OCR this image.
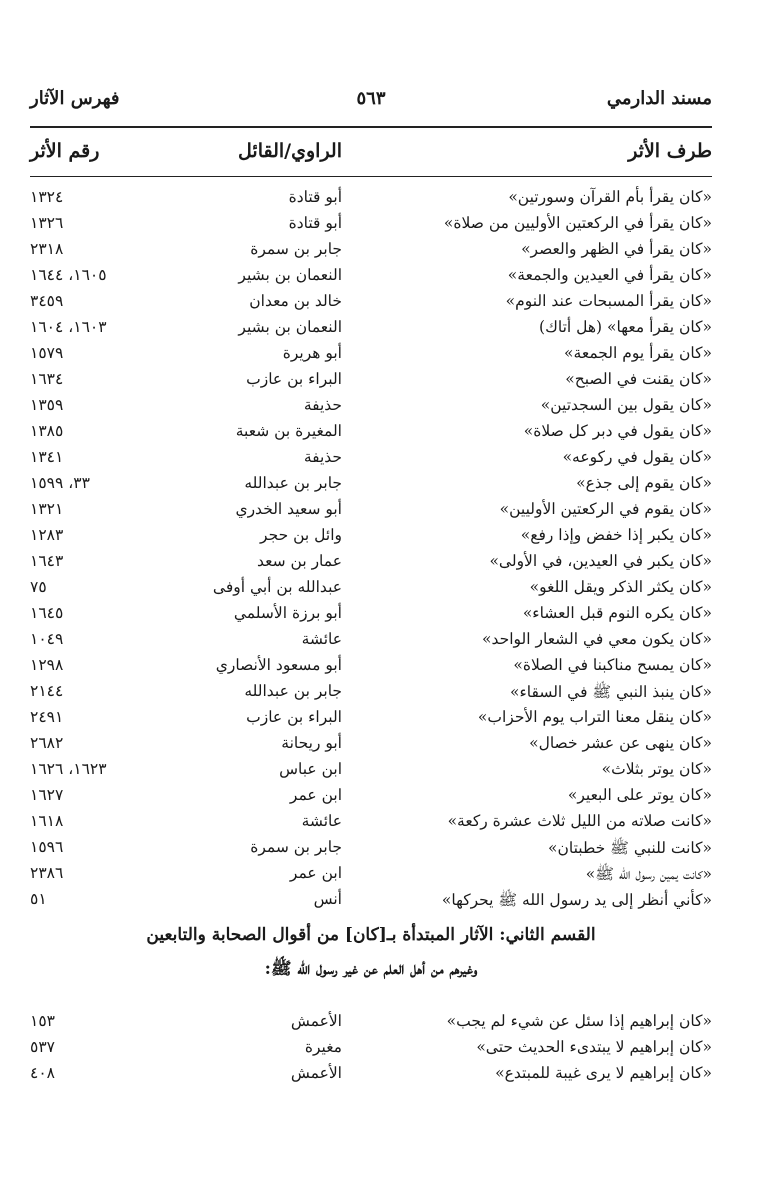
مسند الدارمي
٥٦٣
فهرس الآثار
طرف الأثر
الراوي/القائل
رقم الأثر
«كان يقرأ بأم القرآن وسورتين»
أبو قتادة
١٣٢٤
«كان يقرأ في الركعتين الأوليين من صلاة»
أبو قتادة
١٣٢٦
«كان يقرأ في الظهر والعصر»
جابر بن سمرة
٢٣١٨
«كان يقرأ في العيدين والجمعة»
النعمان بن بشير
١٦٠٥، ١٦٤٤
«كان يقرأ المسبحات عند النوم»
خالد بن معدان
٣٤٥٩
«كان يقرأ معها» (هل أتاك)
النعمان بن بشير
١٦٠٣، ١٦٠٤
«كان يقرأ يوم الجمعة»
أبو هريرة
١٥٧٩
«كان يقنت في الصبح»
البراء بن عازب
١٦٣٤
«كان يقول بين السجدتين»
حذيفة
١٣٥٩
«كان يقول في دبر كل صلاة»
المغيرة بن شعبة
١٣٨٥
«كان يقول في ركوعه»
حذيفة
١٣٤١
«كان يقوم إلى جذع»
جابر بن عبدالله
٣٣، ١٥٩٩
«كان يقوم في الركعتين الأوليين»
أبو سعيد الخدري
١٣٢١
«كان يكبر إذا خفض وإذا رفع»
وائل بن حجر
١٢٨٣
«كان يكبر في العيدين، في الأولى»
عمار بن سعد
١٦٤٣
«كان يكثر الذكر ويقل اللغو»
عبدالله بن أبي أوفى
٧٥
«كان يكره النوم قبل العشاء»
أبو برزة الأسلمي
١٦٤٥
«كان يكون معي في الشعار الواحد»
عائشة
١٠٤٩
«كان يمسح مناكبنا في الصلاة»
أبو مسعود الأنصاري
١٢٩٨
«كان ينبذ النبي ﷺ في السقاء»
جابر بن عبدالله
٢١٤٤
«كان ينقل معنا التراب يوم الأحزاب»
البراء بن عازب
٢٤٩١
«كان ينهى عن عشر خصال»
أبو ريحانة
٢٦٨٢
«كان يوتر بثلاث»
ابن عباس
١٦٢٣، ١٦٢٦
«كان يوتر على البعير»
ابن عمر
١٦٢٧
«كانت صلاته من الليل ثلاث عشرة ركعة»
عائشة
١٦١٨
«كانت للنبي ﷺ خطبتان»
جابر بن سمرة
١٥٩٦
«كانت يمين رسول الله ﷺ»
ابن عمر
٢٣٨٦
«كأني أنظر إلى يد رسول الله ﷺ يحركها»
أنس
٥١
القسم الثاني: الآثار المبتدأة بـ[كان] من أقوال الصحابة والتابعين
وغيرهم من أهل العلم عن غير رسول الله ﷺ:
«كان إبراهيم إذا سئل عن شيء لم يجب»
الأعمش
١٥٣
«كان إبراهيم لا يبتدىء الحديث حتى»
مغيرة
٥٣٧
«كان إبراهيم لا يرى غيبة للمبتدع»
الأعمش
٤٠٨
